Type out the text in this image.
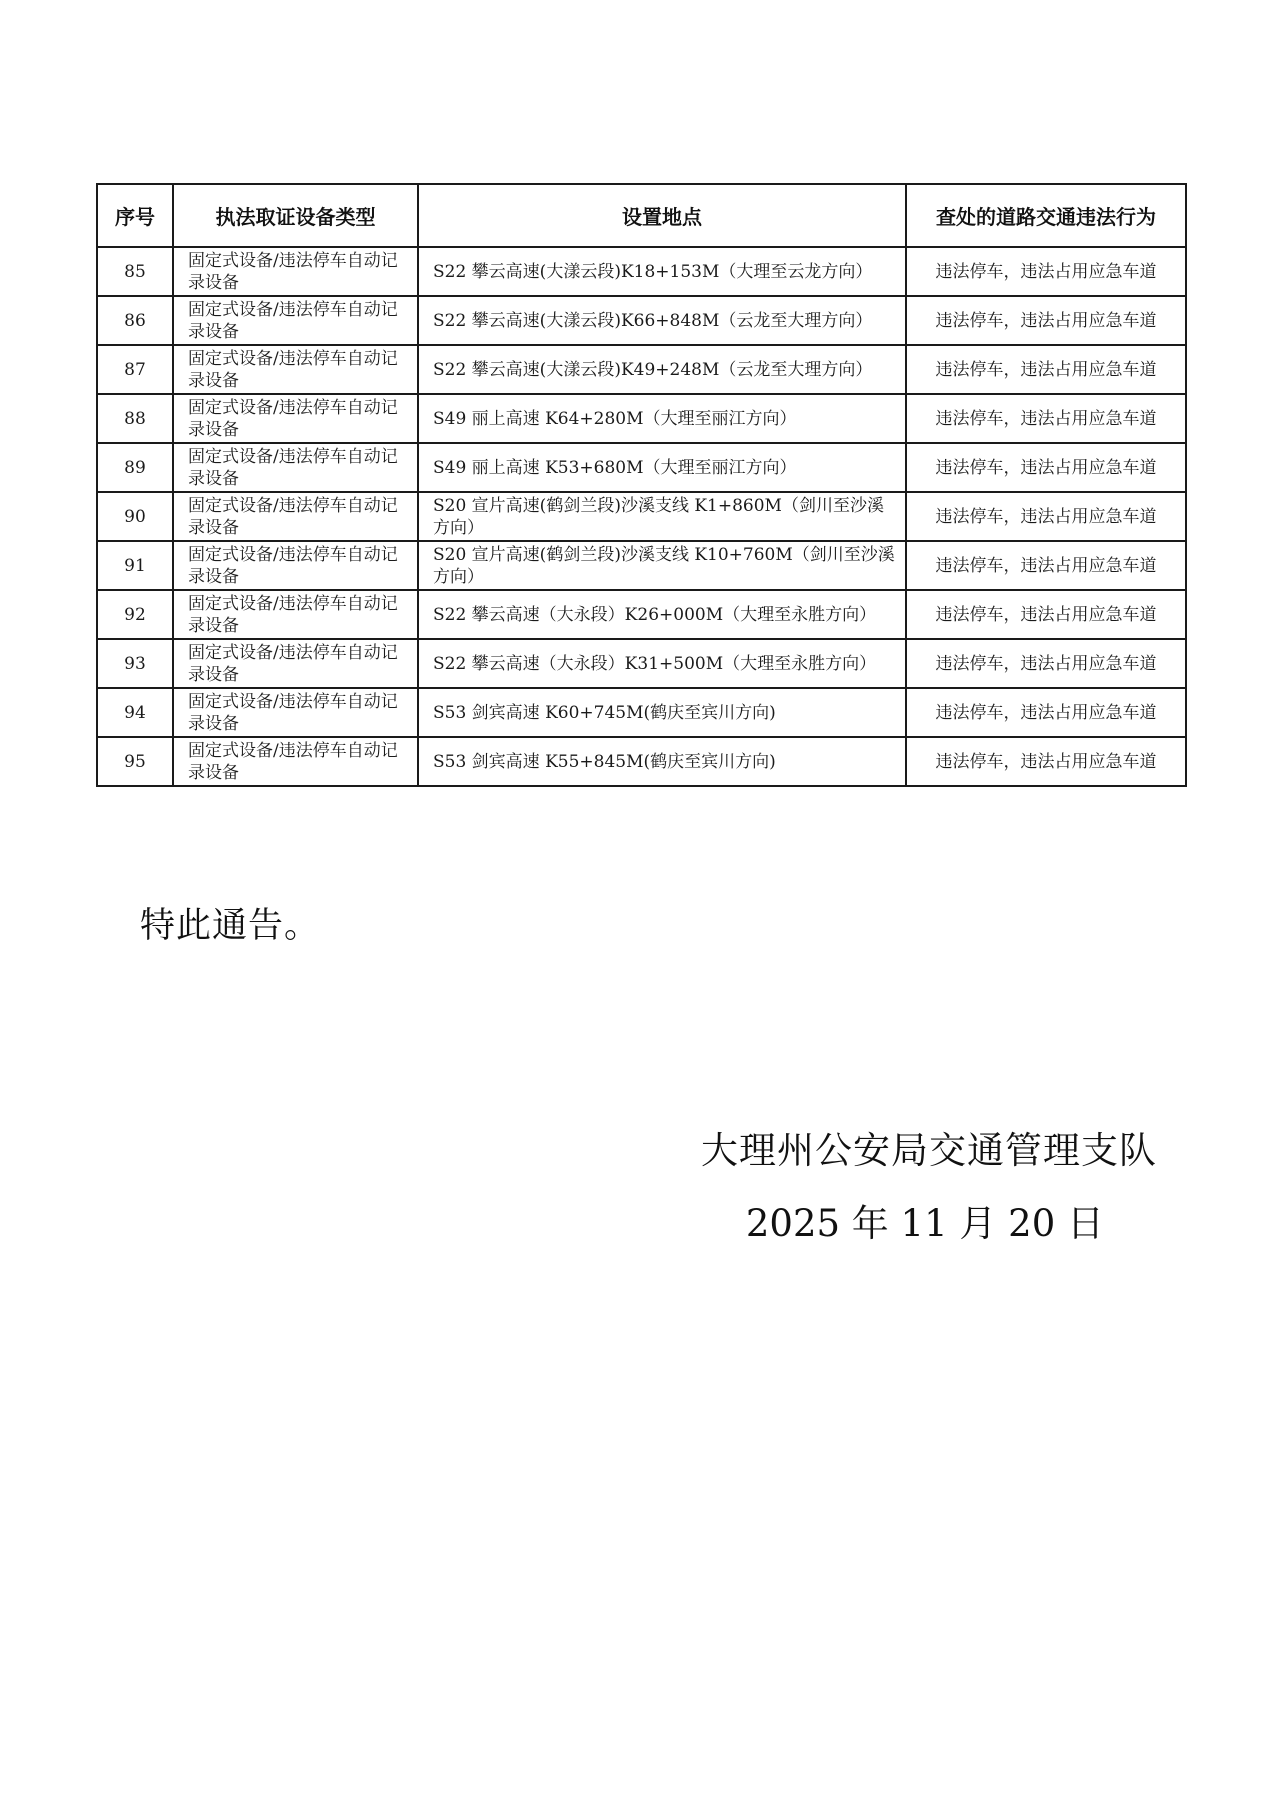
序号	执法取证设备类型	设置地点	查处的道路交通违法行为
85	固定式设备/违法停车自动记录设备	S22 攀云高速(大漾云段)K18+153M（大理至云龙方向）	违法停车，违法占用应急车道
86	固定式设备/违法停车自动记录设备	S22 攀云高速(大漾云段)K66+848M（云龙至大理方向）	违法停车，违法占用应急车道
87	固定式设备/违法停车自动记录设备	S22 攀云高速(大漾云段)K49+248M（云龙至大理方向）	违法停车，违法占用应急车道
88	固定式设备/违法停车自动记录设备	S49 丽上高速 K64+280M（大理至丽江方向）	违法停车，违法占用应急车道
89	固定式设备/违法停车自动记录设备	S49 丽上高速 K53+680M（大理至丽江方向）	违法停车，违法占用应急车道
90	固定式设备/违法停车自动记录设备	S20 宣片高速(鹤剑兰段)沙溪支线 K1+860M（剑川至沙溪方向）	违法停车，违法占用应急车道
91	固定式设备/违法停车自动记录设备	S20 宣片高速(鹤剑兰段)沙溪支线 K10+760M（剑川至沙溪方向）	违法停车，违法占用应急车道
92	固定式设备/违法停车自动记录设备	S22 攀云高速（大永段）K26+000M（大理至永胜方向）	违法停车，违法占用应急车道
93	固定式设备/违法停车自动记录设备	S22 攀云高速（大永段）K31+500M（大理至永胜方向）	违法停车，违法占用应急车道
94	固定式设备/违法停车自动记录设备	S53 剑宾高速 K60+745M(鹤庆至宾川方向)	违法停车，违法占用应急车道
95	固定式设备/违法停车自动记录设备	S53 剑宾高速 K55+845M(鹤庆至宾川方向)	违法停车，违法占用应急车道
特此通告。
大理州公安局交通管理支队
2025 年 11 月 20 日
